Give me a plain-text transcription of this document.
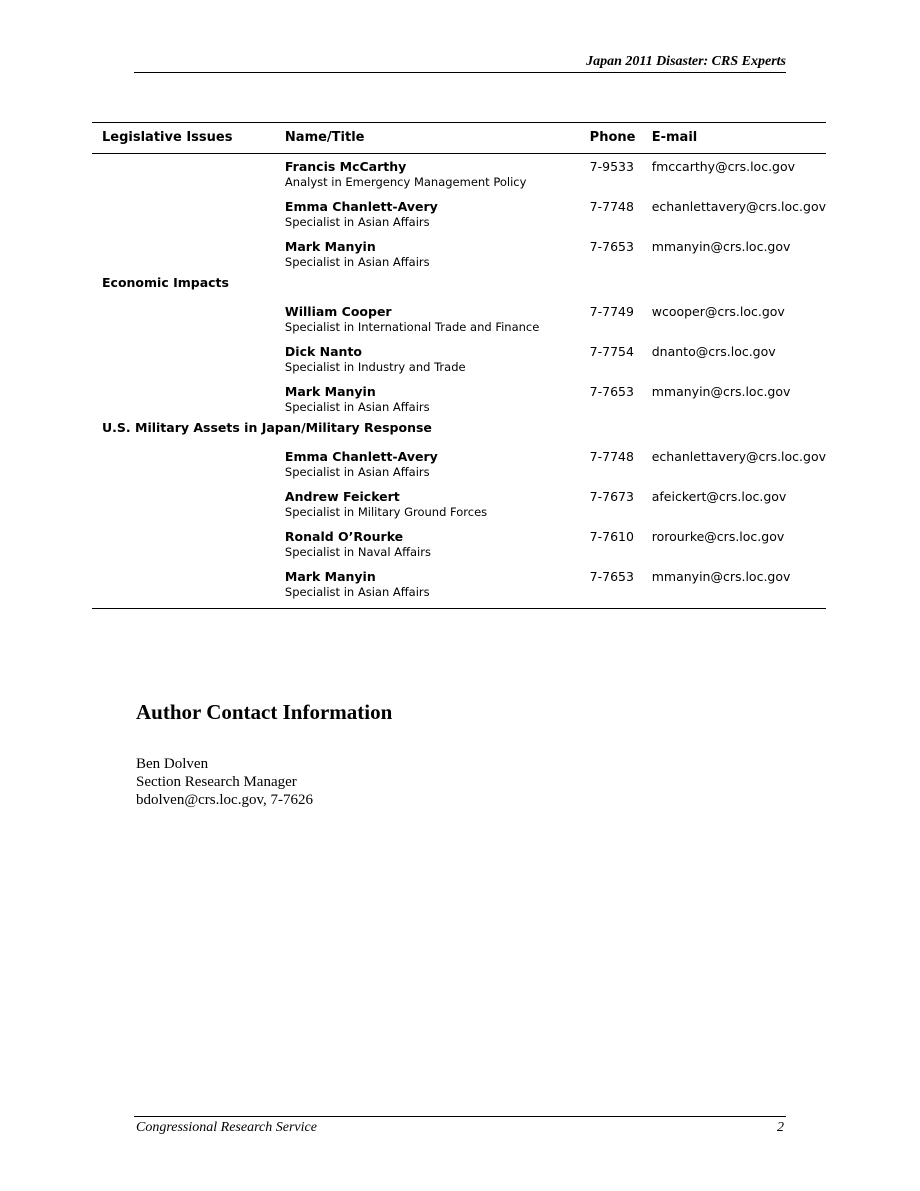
Japan 2011 Disaster: CRS Experts
Legislative Issues	Name/Title	Phone	E-mail

	Francis McCarthy
Analyst in Emergency Management Policy	7-9533	fmccarthy@crs.loc.gov

	Emma Chanlett-Avery
Specialist in Asian Affairs	7-7748	echanlettavery@crs.loc.gov

	Mark Manyin
Specialist in Asian Affairs	7-7653	mmanyin@crs.loc.gov
Economic Impacts			

	William Cooper
Specialist in International Trade and Finance	7-7749	wcooper@crs.loc.gov

	Dick Nanto
Specialist in Industry and Trade	7-7754	dnanto@crs.loc.gov

	Mark Manyin
Specialist in Asian Affairs	7-7653	mmanyin@crs.loc.gov
U.S. Military Assets in Japan/Military Response			

	Emma Chanlett-Avery
Specialist in Asian Affairs	7-7748	echanlettavery@crs.loc.gov

	Andrew Feickert
Specialist in Military Ground Forces	7-7673	afeickert@crs.loc.gov

	Ronald O’Rourke
Specialist in Naval Affairs	7-7610	rorourke@crs.loc.gov

	Mark Manyin
Specialist in Asian Affairs	7-7653	mmanyin@crs.loc.gov
Author Contact Information
Ben Dolven
Section Research Manager
bdolven@crs.loc.gov, 7-7626
Congressional Research Service	2
